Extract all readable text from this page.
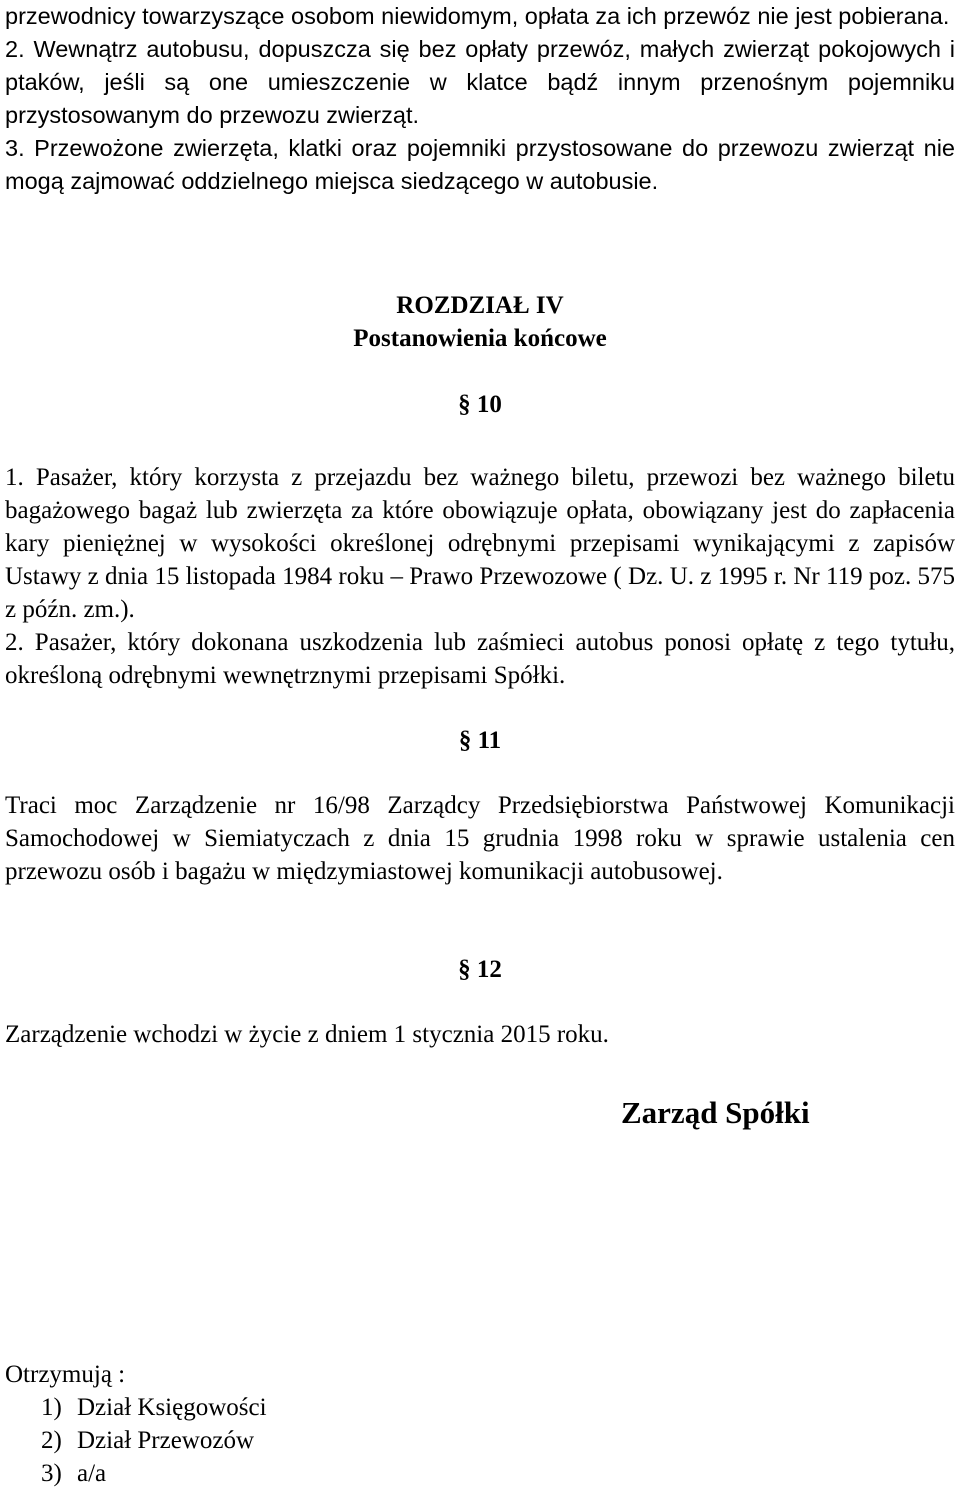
przewodnicy towarzyszące osobom niewidomym, opłata za ich przewóz nie jest pobierana.

2. Wewnątrz autobusu, dopuszcza się bez opłaty przewóz, małych zwierząt pokojowych i ptaków, jeśli są one umieszczenie w klatce bądź innym przenośnym pojemniku przystosowanym do przewozu zwierząt.

3. Przewożone zwierzęta, klatki oraz pojemniki przystosowane do przewozu zwierząt nie mogą zajmować oddzielnego miejsca siedzącego w autobusie.

ROZDZIAŁ IV

Postanowienia końcowe

§ 10

1. Pasażer, który korzysta z przejazdu bez ważnego biletu, przewozi bez ważnego biletu bagażowego bagaż lub zwierzęta za które obowiązuje opłata, obowiązany jest do zapłacenia kary pieniężnej w wysokości określonej odrębnymi przepisami wynikającymi z zapisów Ustawy z dnia 15 listopada 1984 roku – Prawo Przewozowe ( Dz. U. z 1995 r. Nr 119 poz. 575 z późn. zm.).

2. Pasażer, który dokonana uszkodzenia lub zaśmieci autobus ponosi opłatę z tego tytułu, określoną odrębnymi wewnętrznymi przepisami Spółki.

§ 11

Traci moc Zarządzenie nr 16/98 Zarządcy Przedsiębiorstwa Państwowej Komunikacji Samochodowej w Siemiatyczach z dnia 15 grudnia 1998 roku w sprawie ustalenia cen przewozu osób i bagażu w międzymiastowej komunikacji autobusowej.

§ 12

Zarządzenie wchodzi w życie z dniem 1 stycznia 2015 roku.

Zarząd Spółki

Otrzymują :
1) Dział Księgowości
2) Dział Przewozów
3) a/a
